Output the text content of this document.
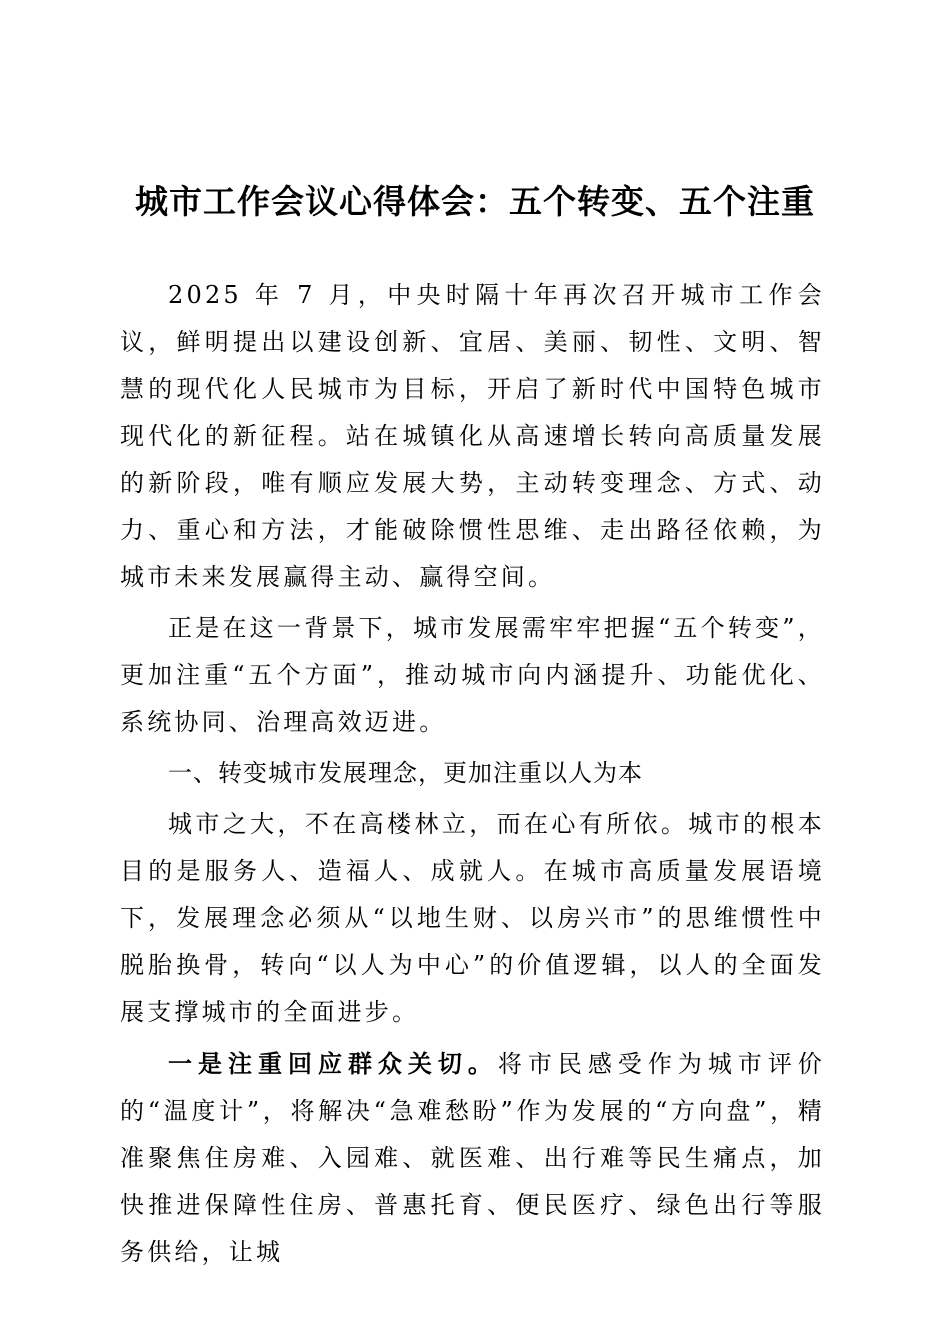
城市工作会议心得体会：五个转变、五个注重

2025 年 7 月，中央时隔十年再次召开城市工作会议，鲜明提出以建设创新、宜居、美丽、韧性、文明、智慧的现代化人民城市为目标，开启了新时代中国特色城市现代化的新征程。站在城镇化从高速增长转向高质量发展的新阶段，唯有顺应发展大势，主动转变理念、方式、动力、重心和方法，才能破除惯性思维、走出路径依赖，为城市未来发展赢得主动、赢得空间。

正是在这一背景下，城市发展需牢牢把握“五个转变”，更加注重“五个方面”，推动城市向内涵提升、功能优化、系统协同、治理高效迈进。

一、转变城市发展理念，更加注重以人为本

城市之大，不在高楼林立，而在心有所依。城市的根本目的是服务人、造福人、成就人。在城市高质量发展语境下，发展理念必须从“以地生财、以房兴市”的思维惯性中脱胎换骨，转向“以人为中心”的价值逻辑，以人的全面发展支撑城市的全面进步。

一是注重回应群众关切。将市民感受作为城市评价的“温度计”，将解决“急难愁盼”作为发展的“方向盘”，精准聚焦住房难、入园难、就医难、出行难等民生痛点，加快推进保障性住房、普惠托育、便民医疗、绿色出行等服务供给，让城
